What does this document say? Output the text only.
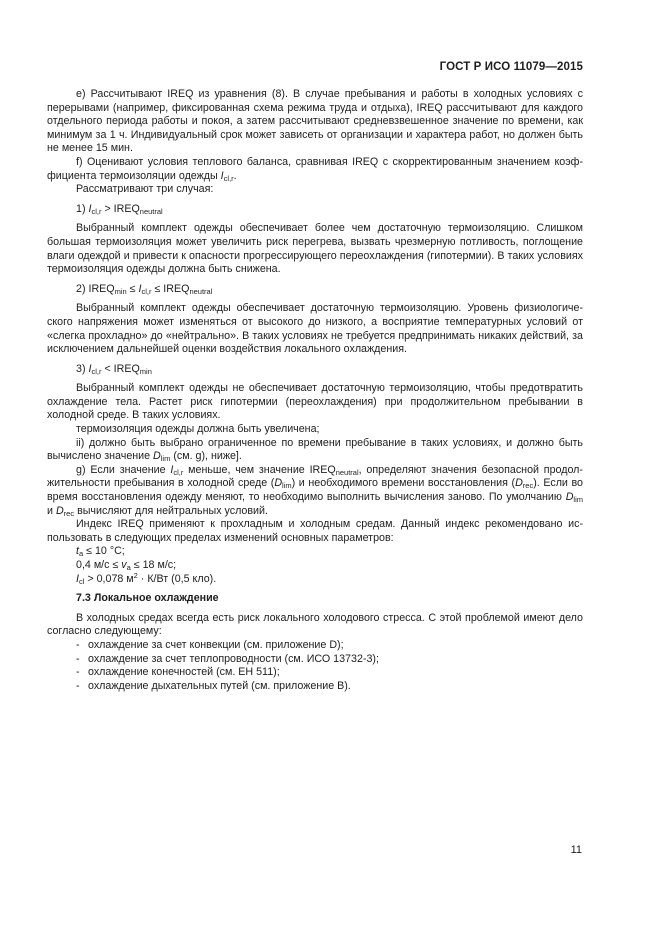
ГОСТ Р ИСО 11079—2015

е) Рассчитывают IREQ из уравнения (8). В случае пребывания и работы в холодных условиях с перерывами (например, фиксированная схема режима труда и отдыха), IREQ рассчитывают для каждого отдельного периода работы и покоя, а затем рассчитывают средневзвешенное значение по времени, как минимум за 1 ч. Индивидуальный срок может зависеть от организации и характера работ, но должен быть не менее 15 мин.

f) Оценивают условия теплового баланса, сравнивая IREQ с скорректированным значением коэффициента термоизоляции одежды $I_{cl,r}$.

Рассматривают три случая:

1) $I_{cl,r}$ > $IREQ_{neutral}$

Выбранный комплект одежды обеспечивает более чем достаточную термоизоляцию. Слишком большая термоизоляция может увеличить риск перегрева, вызвать чрезмерную потливость, поглощение влаги одеждой и привести к опасности прогрессирующего переохлаждения (гипотермии). В таких условиях термоизоляция одежды должна быть снижена.

2) $IREQ_{min} \le I_{cl,r}$ ≤ $IREQ_{neutral}$

Выбранный комплект одежды обеспечивает достаточную термоизоляцию. Уровень физиологического напряжения может изменяться от высокого до низкого, а восприятие температурных условий от «слегка прохладно» до «нейтрально». В таких условиях не требуется предпринимать никаких действий, за исключением дальнейшей оценки воздействия локального охлаждения.

3) $I_{cl,r}$ < $IREQ_{min}$

Выбранный комплект одежды не обеспечивает достаточную термоизоляцию, чтобы предотвратить охлаждение тела. Растет риск гипотермии (переохлаждения) при продолжительном пребывании в холодной среде. В таких условиях.

термоизоляция одежды должна быть увеличена;

ii) должно быть выбрано ограниченное по времени пребывание в таких условиях, и должно быть вычислено значение $D_{lim}$ (см. g), ниже].

g) Если значение $I_{cl,r}$ меньше, чем значение $IREQ_{neutral}$, определяют значения безопасной продолжительности пребывания в холодной среде $(D_{lim})$ и необходимого времени восстановления $(D_{rec})$. Если во время восстановления одежду меняют, то необходимо выполнить вычисления заново. По умолчанию $D_{lim}$ и $D_{rec}$ вычисляют для нейтральных условий.

Индекс IREQ применяют к прохладным и холодным средам. Данный индекс рекомендовано использовать в следующих пределах изменений основных параметров:

$t_a \le 10$ °С;

0,4 $м/с \le v_a \le 18$ м/с;

$I_{cl} > 0,078$ $м^2 \cdot К/Вт$ (0,5 кло).

7.3 Локальное охлаждение

В холодных средах всегда есть риск локального холодового стресса. С этой проблемой имеют дело согласно следующему:

- охлаждение за счет конвекции (см. приложение D);

- охлаждение за счет теплопроводности (см. ИСО 13732-3);

- охлаждение конечностей (см. ЕН 511);

- охлаждение дыхательных путей (см. приложение В).

11
